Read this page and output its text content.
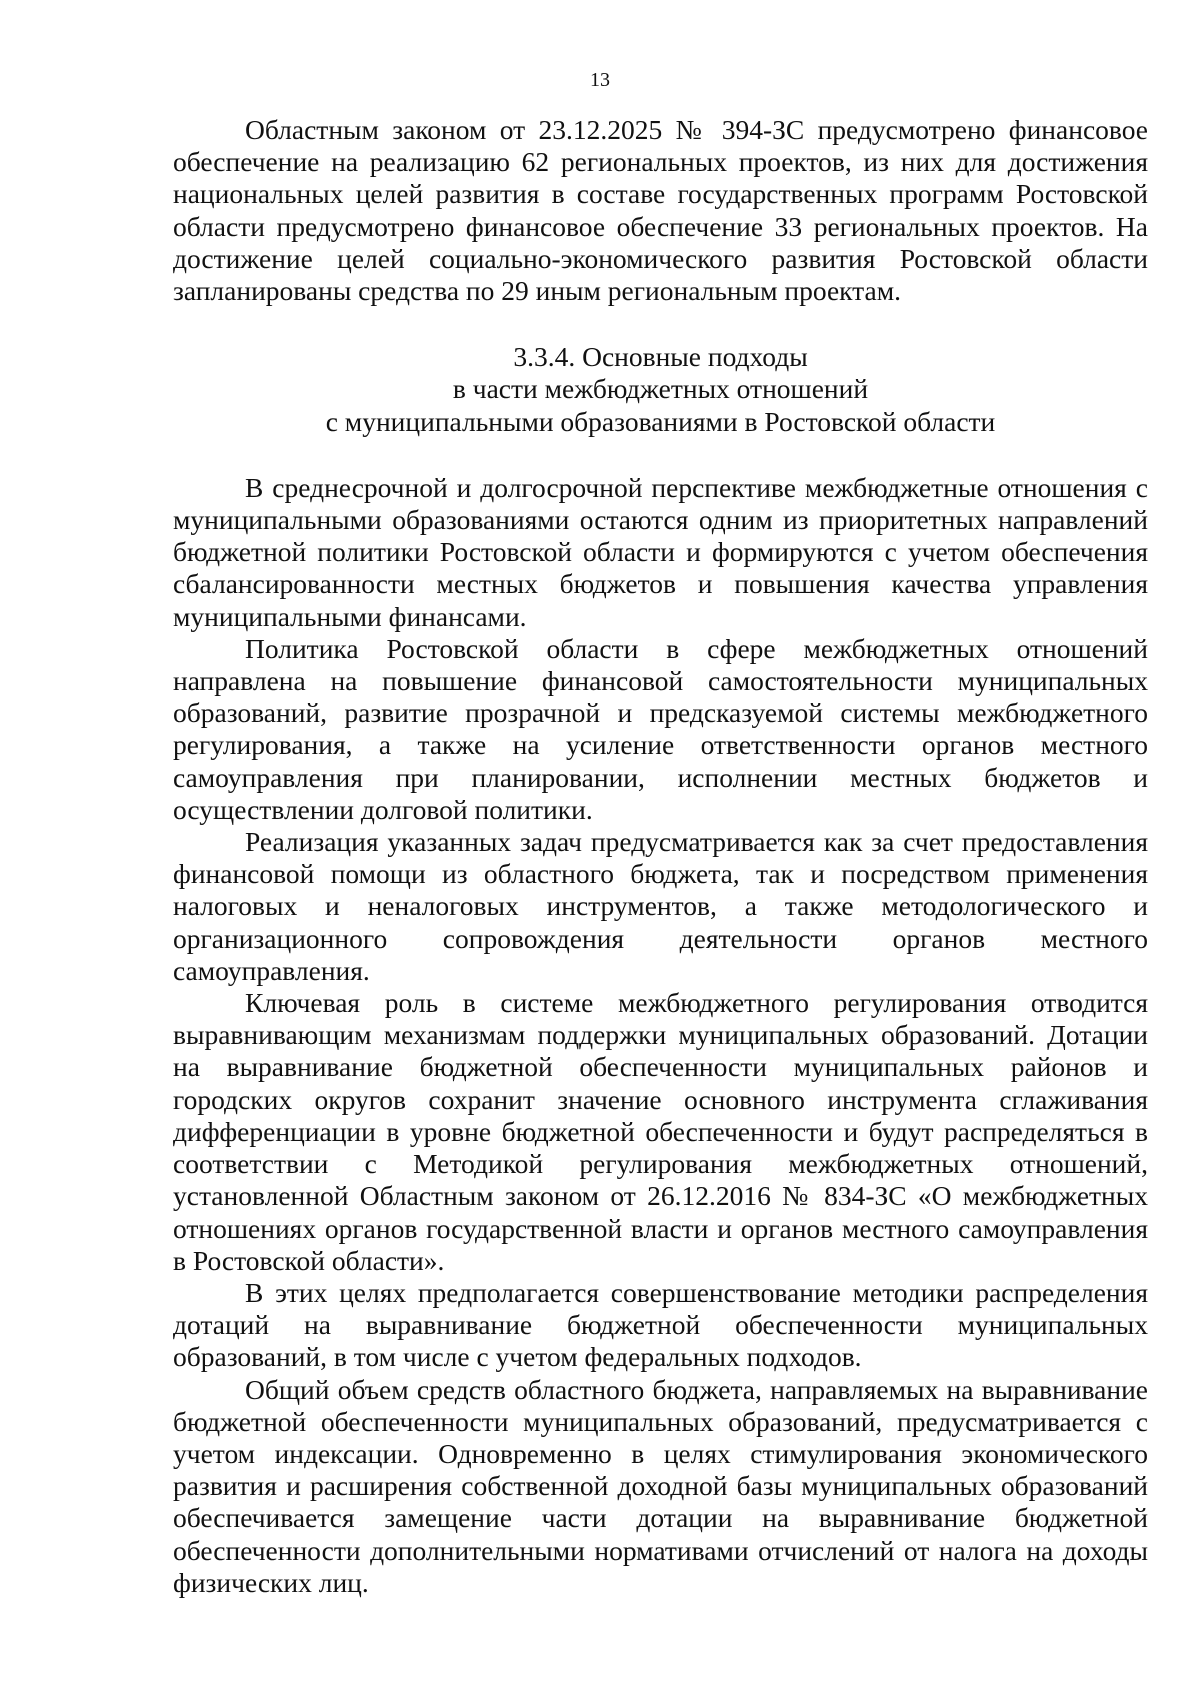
13

Областным законом от 23.12.2025 № 394-ЗС предусмотрено финансовое обеспечение на реализацию 62 региональных проектов, из них для достижения национальных целей развития в составе государственных программ Ростовской области предусмотрено финансовое обеспечение 33 региональных проектов. На достижение целей социально-экономического развития Ростовской области запланированы средства по 29 иным региональным проектам.

3.3.4. Основные подходы
в части межбюджетных отношений
с муниципальными образованиями в Ростовской области

В среднесрочной и долгосрочной перспективе межбюджетные отношения с муниципальными образованиями остаются одним из приоритетных направлений бюджетной политики Ростовской области и формируются с учетом обеспечения сбалансированности местных бюджетов и повышения качества управления муниципальными финансами.

Политика Ростовской области в сфере межбюджетных отношений направлена на повышение финансовой самостоятельности муниципальных образований, развитие прозрачной и предсказуемой системы межбюджетного регулирования, а также на усиление ответственности органов местного самоуправления при планировании, исполнении местных бюджетов и осуществлении долговой политики.

Реализация указанных задач предусматривается как за счет предоставления финансовой помощи из областного бюджета, так и посредством применения налоговых и неналоговых инструментов, а также методологического и организационного сопровождения деятельности органов местного самоуправления.

Ключевая роль в системе межбюджетного регулирования отводится выравнивающим механизмам поддержки муниципальных образований. Дотации на выравнивание бюджетной обеспеченности муниципальных районов и городских округов сохранит значение основного инструмента сглаживания дифференциации в уровне бюджетной обеспеченности и будут распределяться в соответствии с Методикой регулирования межбюджетных отношений, установленной Областным законом от 26.12.2016 № 834-ЗС «О межбюджетных отношениях органов государственной власти и органов местного самоуправления в Ростовской области».

В этих целях предполагается совершенствование методики распределения дотаций на выравнивание бюджетной обеспеченности муниципальных образований, в том числе с учетом федеральных подходов.

Общий объем средств областного бюджета, направляемых на выравнивание бюджетной обеспеченности муниципальных образований, предусматривается с учетом индексации. Одновременно в целях стимулирования экономического развития и расширения собственной доходной базы муниципальных образований обеспечивается замещение части дотации на выравнивание бюджетной обеспеченности дополнительными нормативами отчислений от налога на доходы физических лиц.
